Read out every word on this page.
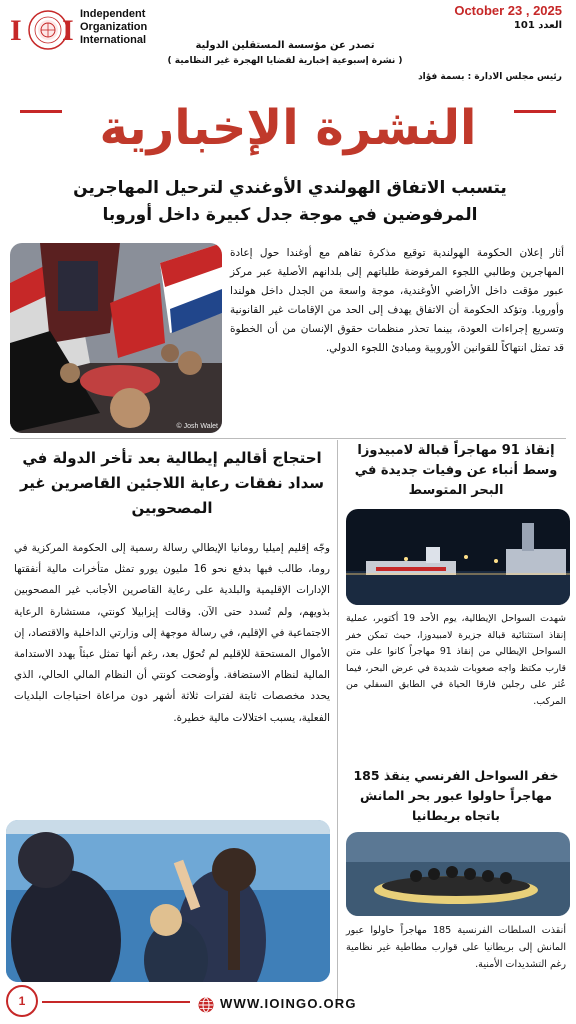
I I Independent
Organization
International
October 23 , 2025
العدد 101
تصدر عن مؤسسة المستقلين الدولية
( نشرة إسبوعية إخبارية لقضايا الهجرة غير النظامية )
رئيس مجلس الادارة : بسمة فؤاد
النشرة الإخبارية
يتسبب الاتفاق الهولندي الأوغندي لترحيل المهاجرين المرفوضين في موجة جدل كبيرة داخل أوروبا
© Josh Walet
أثار إعلان الحكومة الهولندية توقيع مذكرة تفاهم مع أوغندا حول إعادة المهاجرين وطالبي اللجوء المرفوضة طلباتهم إلى بلدانهم الأصلية عبر مركز عبور مؤقت داخل الأراضي الأوغندية، موجة واسعة من الجدل داخل هولندا وأوروبا. وتؤكد الحكومة أن الاتفاق يهدف إلى الحد من الإقامات غير القانونية وتسريع إجراءات العودة، بينما تحذر منظمات حقوق الإنسان من أن الخطوة قد تمثل انتهاكاً للقوانين الأوروبية ومبادئ اللجوء الدولي.
احتجاج أقاليم إيطالية بعد تأخر الدولة في سداد نفقات رعاية اللاجئين القاصرين غير المصحوبين
وجّه إقليم إميليا رومانيا الإيطالي رسالة رسمية إلى الحكومة المركزية في روما، طالب فيها بدفع نحو 16 مليون يورو تمثل متأخرات مالية أنفقتها الإدارات الإقليمية والبلدية على رعاية القاصرين الأجانب غير المصحوبين بذويهم، ولم تُسدد حتى الآن. وقالت إيزابيلا كونتي، مستشارة الرعاية الاجتماعية في الإقليم، في رسالة موجهة إلى وزارتي الداخلية والاقتصاد، إن الأموال المستحقة للإقليم لم تُحوّل بعد، رغم أنها تمثل عبئاً يهدد الاستدامة المالية لنظام الاستضافة. وأوضحت كونتي أن النظام المالي الحالي، الذي يحدد مخصصات ثابتة لفترات ثلاثة أشهر دون مراعاة احتياجات البلديات الفعلية، يسبب اختلالات مالية خطيرة.
إنقاذ 91 مهاجراً قبالة لامبيدوزا وسط أنباء عن وفيات جديدة في البحر المتوسط
شهدت السواحل الإيطالية، يوم الأحد 19 أكتوبر، عملية إنقاذ استثنائية قبالة جزيرة لامبيدوزا، حيث تمكن خفر السواحل الإيطالي من إنقاذ 91 مهاجراً كانوا على متن قارب مكتظ واجه صعوبات شديدة في عرض البحر، فيما عُثر على رجلين فارقا الحياة في الطابق السفلي من المركب.
خفر السواحل الفرنسي ينقذ 185 مهاجراً حاولوا عبور بحر المانش باتجاه بريطانيا
أنقذت السلطات الفرنسية 185 مهاجراً حاولوا عبور المانش إلى بريطانيا على قوارب مطاطية غير نظامية رغم التشديدات الأمنية.
1	WWW.IOINGO.ORG
